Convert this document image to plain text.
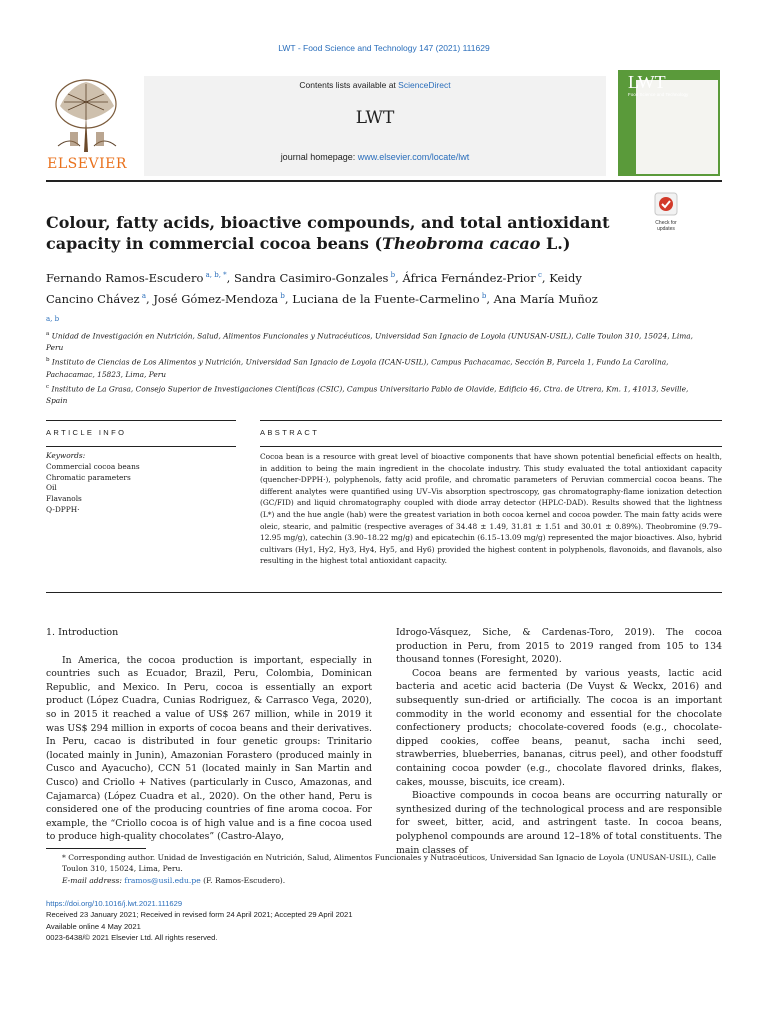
LWT - Food Science and Technology 147 (2021) 111629
ELSEVIER
Contents lists available at ScienceDirect
LWT
journal homepage: www.elsevier.com/locate/lwt
LWT
Food Science and Technology
Colour, fatty acids, bioactive compounds, and total antioxidant capacity in commercial cocoa beans (Theobroma cacao L.)
Check for updates
Fernando Ramos-Escudero $^{a, b, *}$, Sandra Casimiro-Gonzales $^b$, África Fernández-Prior $^c$, Keidy Cancino Chávez $^a$, José Gómez-Mendoza $^b$, Luciana de la Fuente-Carmelino $^b$, Ana María Muñoz $^{a, b}$

$^a$ Unidad de Investigación en Nutrición, Salud, Alimentos Funcionales y Nutracéuticos, Universidad San Ignacio de Loyola (UNUSAN-USIL), Calle Toulon 310, 15024, Lima, Peru

$^b$ Instituto de Ciencias de Los Alimentos y Nutrición, Universidad San Ignacio de Loyola (ICAN-USIL), Campus Pachacamac, Sección B, Parcela 1, Fundo La Carolina, Pachacamac, 15823, Lima, Peru

$^c$ Instituto de La Grasa, Consejo Superior de Investigaciones Científicas (CSIC), Campus Universitario Pablo de Olavide, Edificio 46, Ctra. de Utrera, Km. 1, 41013, Seville, Spain

ARTICLE INFO	ABSTRACT
Keywords:
Commercial cocoa beans
Chromatic parameters
Oil
Flavanols
Q-DPPH·
Cocoa bean is a resource with great level of bioactive components that have shown potential beneficial effects on health, in addition to being the main ingredient in the chocolate industry. This study evaluated the total antioxidant capacity (quencher-DPPH·), polyphenols, fatty acid profile, and chromatic parameters of Peruvian commercial cocoa beans. The different analytes were quantified using UV–Vis absorption spectroscopy, gas chromatography-flame ionization detection (GC/FID) and liquid chromatography coupled with diode array detector (HPLC-DAD). Results showed that the lightness (L*) and the hue angle (hab) were the greatest variation in both cocoa kernel and cocoa powder. The main fatty acids were oleic, stearic, and palmitic (respective averages of 34.48 ± 1.49, 31.81 ± 1.51 and 30.01 ± 0.89%). Theobromine (9.79–12.95 mg/g), catechin (3.90–18.22 mg/g) and epicatechin (6.15–13.09 mg/g) represented the major bioactives. Also, hybrid cultivars (Hy1, Hy2, Hy3, Hy4, Hy5, and Hy6) provided the highest content in polyphenols, flavonoids, and flavanols, also resulting in the highest total antioxidant capacity.
1. Introduction

In America, the cocoa production is important, especially in countries such as Ecuador, Brazil, Peru, Colombia, Dominican Republic, and Mexico. In Peru, cocoa is essentially an export product (López Cuadra, Cunias Rodriguez, & Carrasco Vega, 2020), so in 2015 it reached a value of US$ 267 million, while in 2019 it was US$ 294 million in exports of cocoa beans and their derivatives. In Peru, cacao is distributed in four genetic groups: Trinitario (located mainly in Junin), Amazonian Forastero (produced mainly in Cusco and Ayacucho), CCN 51 (located mainly in San Martin and Cusco) and Criollo + Natives (particularly in Cusco, Amazonas, and Cajamarca) (López Cuadra et al., 2020). On the other hand, Peru is considered one of the producing countries of fine aroma cocoa. For example, the “Criollo cocoa is of high value and is a fine cocoa used to produce high-quality chocolates” (Castro-Alayo,

Idrogo-Vásquez, Siche, & Cardenas-Toro, 2019). The cocoa production in Peru, from 2015 to 2019 ranged from 105 to 134 thousand tonnes (Foresight, 2020).

Cocoa beans are fermented by various yeasts, lactic acid bacteria and acetic acid bacteria (De Vuyst & Weckx, 2016) and subsequently sun-dried or artificially. The cocoa is an important commodity in the world economy and essential for the chocolate confectionery products; chocolate-covered foods (e.g., chocolate-dipped cookies, coffee beans, peanut, sacha inchi seed, strawberries, blueberries, bananas, citrus peel), and other foodstuff containing cocoa powder (e.g., chocolate flavored drinks, flakes, cakes, mousse, biscuits, ice cream).

Bioactive compounds in cocoa beans are occurring naturally or synthesized during of the technological process and are responsible for sweet, bitter, acid, and astringent taste. In cocoa beans, polyphenol compounds are around 12–18% of total constituents. The main classes of

* Corresponding author. Unidad de Investigación en Nutrición, Salud, Alimentos Funcionales y Nutracéuticos, Universidad San Ignacio de Loyola (UNUSAN-USIL), Calle Toulon 310, 15024, Lima, Peru.

E-mail address: framos@usil.edu.pe (F. Ramos-Escudero).

https://doi.org/10.1016/j.lwt.2021.111629

Received 23 January 2021; Received in revised form 24 April 2021; Accepted 29 April 2021

Available online 4 May 2021

0023-6438/© 2021 Elsevier Ltd. All rights reserved.
